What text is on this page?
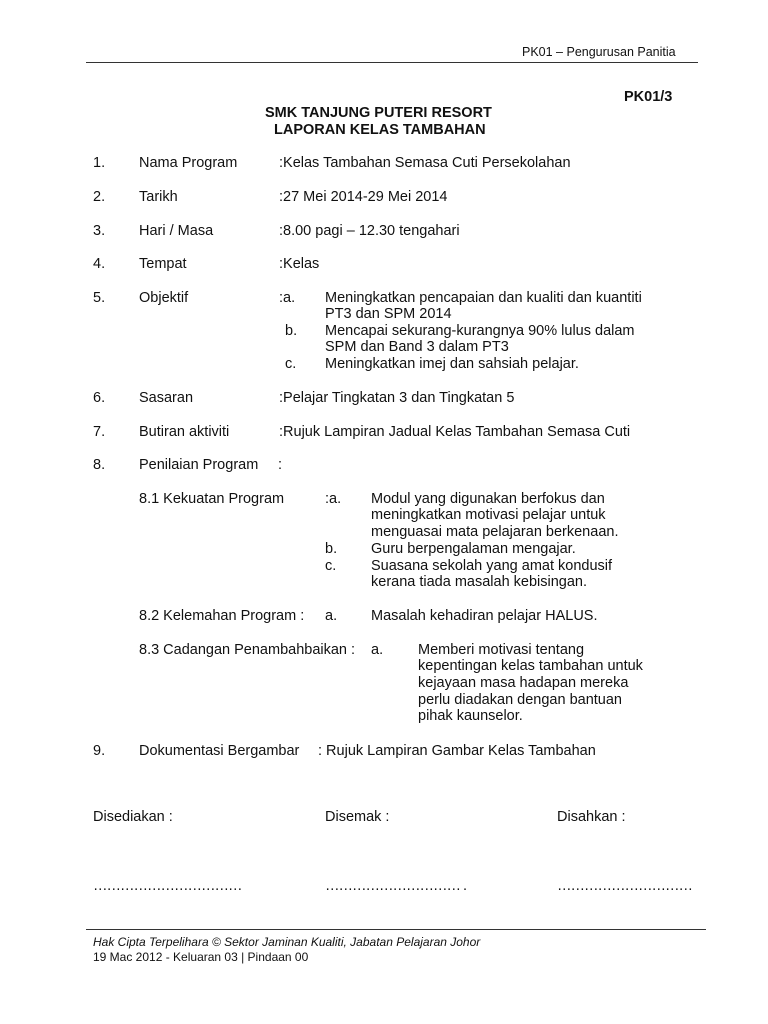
PK01 – Pengurusan Panitia
PK01/3
SMK TANJUNG PUTERI RESORT
LAPORAN KELAS TAMBAHAN
1. Nama Program	:Kelas Tambahan Semasa Cuti Persekolahan
2. Tarikh	:27 Mei 2014-29 Mei 2014
3. Hari / Masa	:8.00 pagi – 12.30 tengahari
4. Tempat	:Kelas
5. Objektif	:a. Meningkatkan pencapaian dan kualiti dan kuantiti
PT3 dan SPM 2014
b. Mencapai sekurang-kurangnya 90% lulus dalam
SPM dan Band 3 dalam PT3
c. Meningkatkan imej dan sahsiah pelajar.
6. Sasaran	:Pelajar Tingkatan 3 dan Tingkatan 5
7. Butiran aktiviti	:Rujuk Lampiran Jadual Kelas Tambahan Semasa Cuti
8. Penilaian Program :
8.1 Kekuatan Program	:a. Modul yang digunakan berfokus dan
meningkatkan motivasi pelajar untuk
menguasai mata pelajaran berkenaan.
b. Guru berpengalaman mengajar.
c. Suasana sekolah yang amat kondusif
kerana tiada masalah kebisingan.
8.2 Kelemahan Program : a. Masalah kehadiran pelajar HALUS.
8.3 Cadangan Penambahbaikan : a. Memberi motivasi tentang
kepentingan kelas tambahan untuk
kejayaan masa hadapan mereka
perlu diadakan dengan bantuan
pihak kaunselor.
9. Dokumentasi Bergambar : Rujuk Lampiran Gambar Kelas Tambahan
Disediakan :	Disemak :	Disahkan :
……………………………	………………………… .	…………………………
Hak Cipta Terpelihara © Sektor Jaminan Kualiti, Jabatan Pelajaran Johor
19 Mac 2012 - Keluaran 03 | Pindaan 00
